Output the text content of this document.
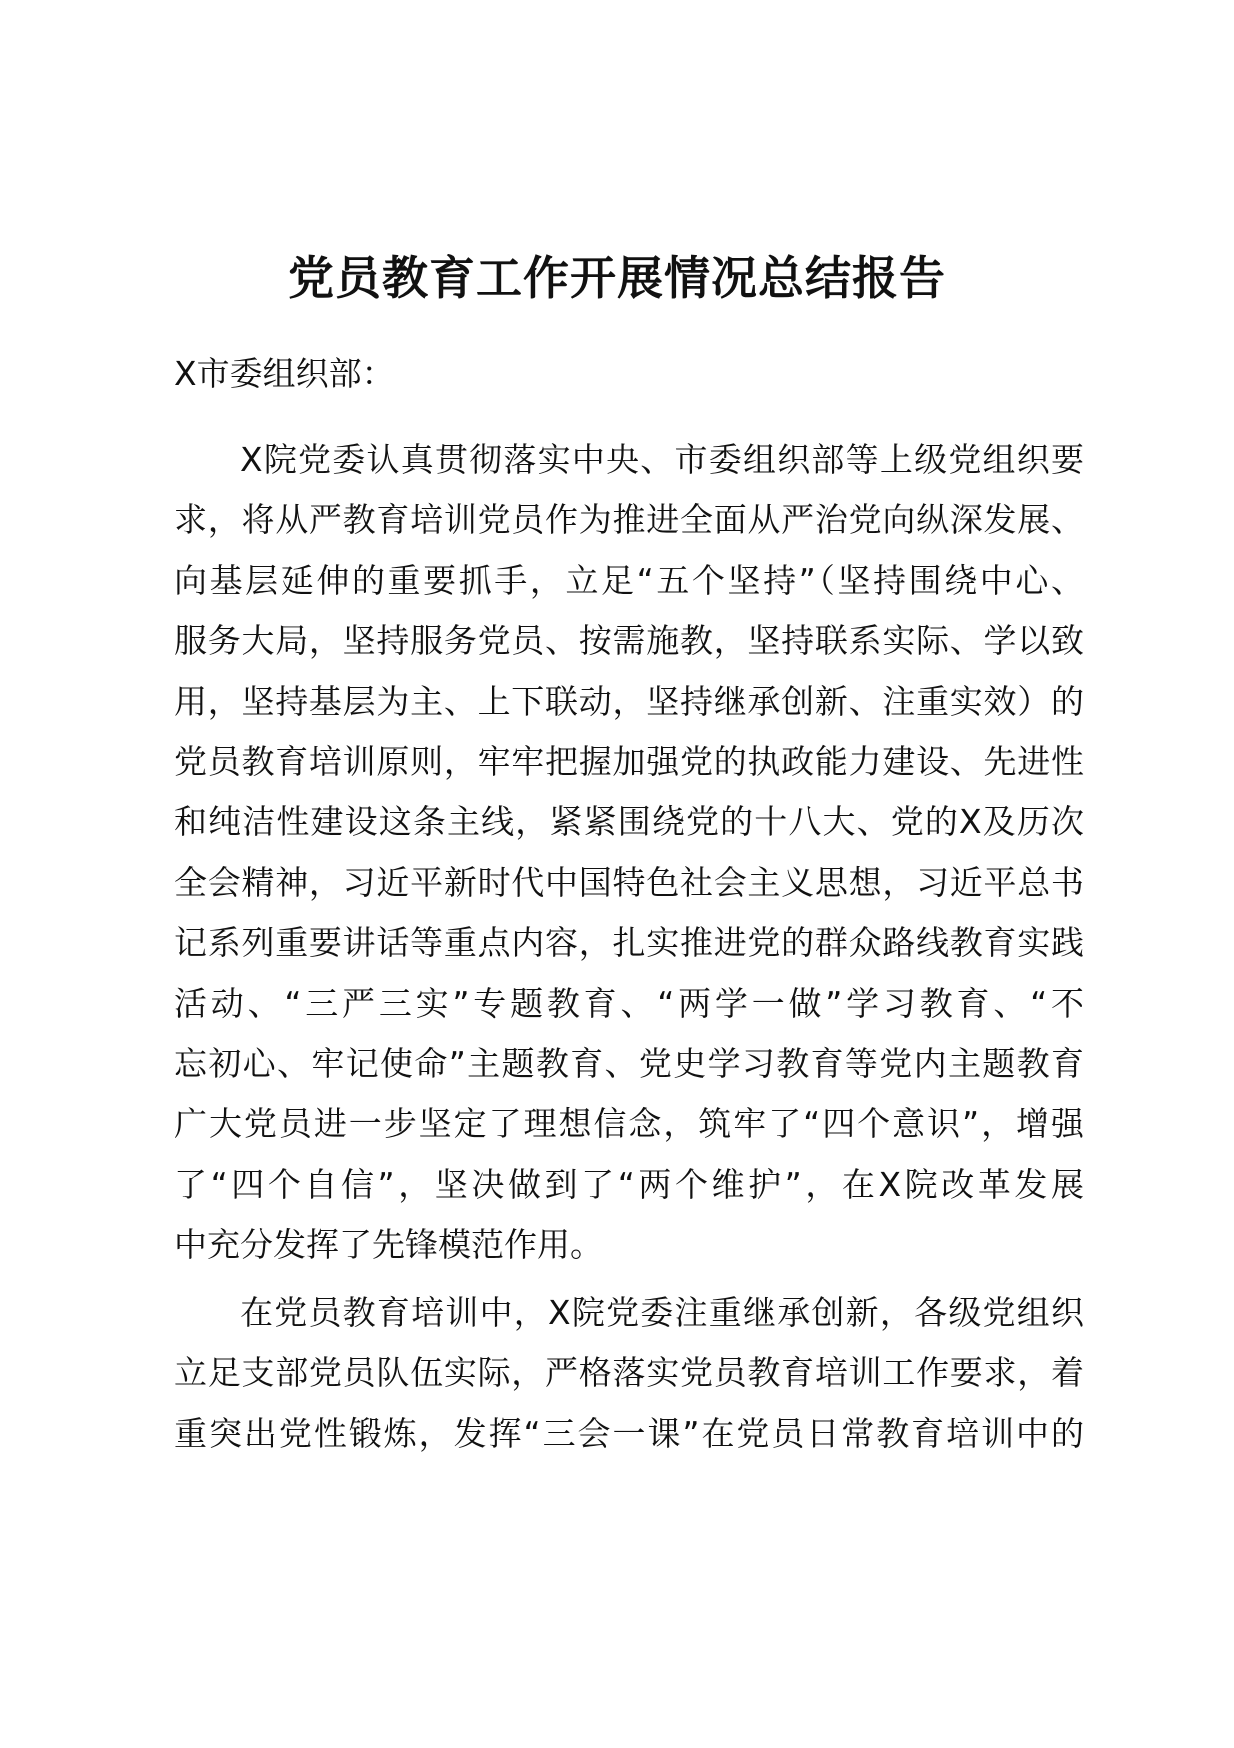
党员教育工作开展情况总结报告

X市委组织部：

X院党委认真贯彻落实中央、市委组织部等上级党组织要
求，将从严教育培训党员作为推进全面从严治党向纵深发展、
向基层延伸的重要抓手，立足“五个坚持”（坚持围绕中心、
服务大局，坚持服务党员、按需施教，坚持联系实际、学以致
用，坚持基层为主、上下联动，坚持继承创新、注重实效）的
党员教育培训原则，牢牢把握加强党的执政能力建设、先进性
和纯洁性建设这条主线，紧紧围绕党的十八大、党的X及历次
全会精神，习近平新时代中国特色社会主义思想，习近平总书
记系列重要讲话等重点内容，扎实推进党的群众路线教育实践
活动、“三严三实”专题教育、“两学一做”学习教育、“不
忘初心、牢记使命”主题教育、党史学习教育等党内主题教育
广大党员进一步坚定了理想信念，筑牢了“四个意识”，增强
了“四个自信”，坚决做到了“两个维护”，在X院改革发展
中充分发挥了先锋模范作用。

在党员教育培训中，X院党委注重继承创新，各级党组织
立足支部党员队伍实际，严格落实党员教育培训工作要求，着
重突出党性锻炼，发挥“三会一课”在党员日常教育培训中的
